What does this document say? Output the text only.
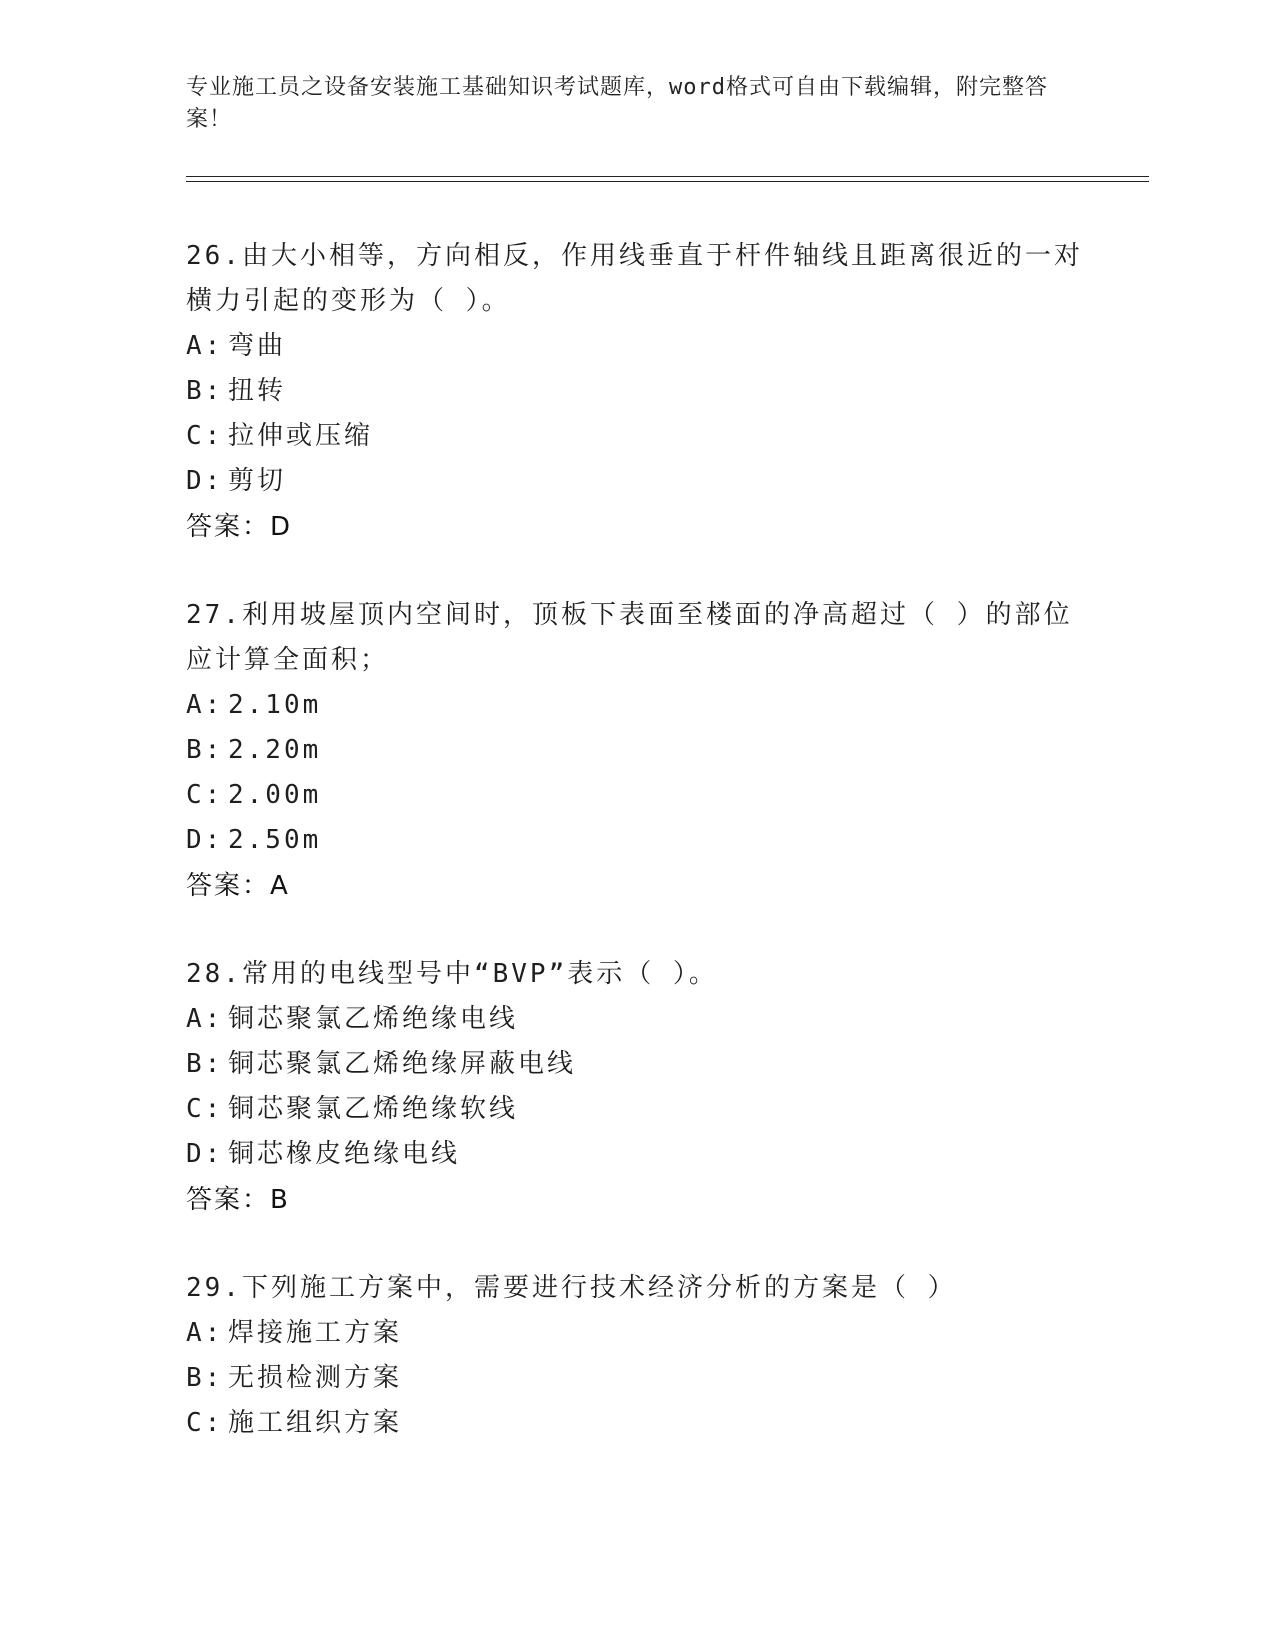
专业施工员之设备安装施工基础知识考试题库，word格式可自由下载编辑，附完整答案！
26.由大小相等，方向相反，作用线垂直于杆件轴线且距离很近的一对横力引起的变形为（ ）。
A: 弯曲
B: 扭转
C: 拉伸或压缩
D: 剪切
答案：D
27.利用坡屋顶内空间时，顶板下表面至楼面的净高超过（ ）的部位应计算全面积；
A: 2.10m
B: 2.20m
C: 2.00m
D: 2.50m
答案：A
28.常用的电线型号中“BVP”表示（ ）。
A: 铜芯聚氯乙烯绝缘电线
B: 铜芯聚氯乙烯绝缘屏蔽电线
C: 铜芯聚氯乙烯绝缘软线
D: 铜芯橡皮绝缘电线
答案：B
29.下列施工方案中，需要进行技术经济分析的方案是（ ）
A: 焊接施工方案
B: 无损检测方案
C: 施工组织方案
